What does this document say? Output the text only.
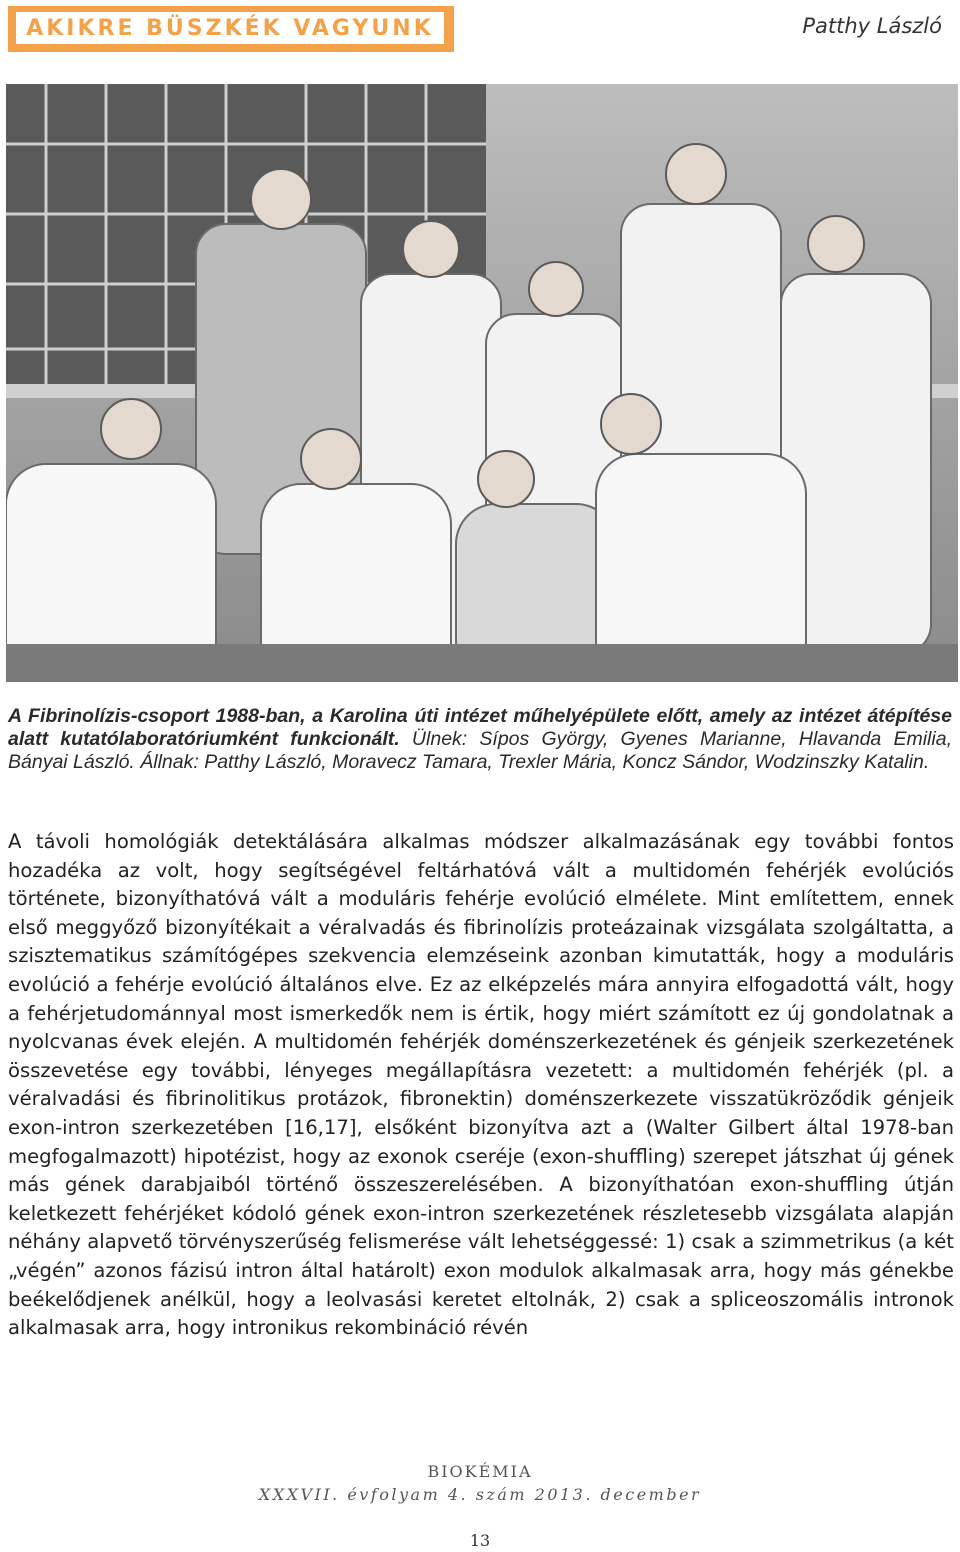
AKIKRE BÜSZKÉK VAGYUNK	Patthy László
A Fibrinolízis-csoport 1988-ban, a Karolina úti intézet műhelyépülete előtt, amely az intézet átépítése alatt kutatólaboratóriumként funkcionált. Ülnek: Sípos György, Gyenes Marianne, Hlavanda Emilia, Bányai László. Állnak: Patthy László, Moravecz Tamara, Trexler Mária, Koncz Sándor, Wodzinszky Katalin.
A távoli homológiák detektálására alkalmas módszer alkalmazásának egy további fontos hozadéka az volt, hogy segítségével feltárhatóvá vált a multidomén fehérjék evolúciós története, bizonyíthatóvá vált a moduláris fehérje evolúció elmélete. Mint említettem, ennek első meggyőző bizonyítékait a véralvadás és fibrinolízis proteázainak vizsgálata szolgáltatta, a szisztematikus számítógépes szekvencia elemzéseink azonban kimutatták, hogy a moduláris evolúció a fehérje evolúció általános elve. Ez az elképzelés mára annyira elfogadottá vált, hogy a fehérjetudománnyal most ismerkedők nem is értik, hogy miért számított ez új gondolatnak a nyolcvanas évek elején. A multidomén fehérjék doménszerkezetének és génjeik szerkezetének összevetése egy további, lényeges megállapításra vezetett: a multidomén fehérjék (pl. a véralvadási és fibrinolitikus protázok, fibronektin) doménszerkezete visszatükröződik génjeik exon-intron szerkezetében [16,17], elsőként bizonyítva azt a (Walter Gilbert által 1978-ban megfogalmazott) hipotézist, hogy az exonok cseréje (exon-shuffling) szerepet játszhat új gének más gének darabjaiból történő összeszerelésében. A bizonyíthatóan exon-shuffling útján keletkezett fehérjéket kódoló gének exon-intron szerkezetének részletesebb vizsgálata alapján néhány alapvető törvényszerűség felismerése vált lehetséggessé: 1) csak a szimmetrikus (a két „végén” azonos fázisú intron által határolt) exon modulok alkalmasak arra, hogy más génekbe beékelődjenek anélkül, hogy a leolvasási keretet eltolnák, 2) csak a spliceoszomális intronok alkalmasak arra, hogy intronikus rekombináció révén
BIOKÉMIA
XXXVII. évfolyam 4. szám 2013. december
13
